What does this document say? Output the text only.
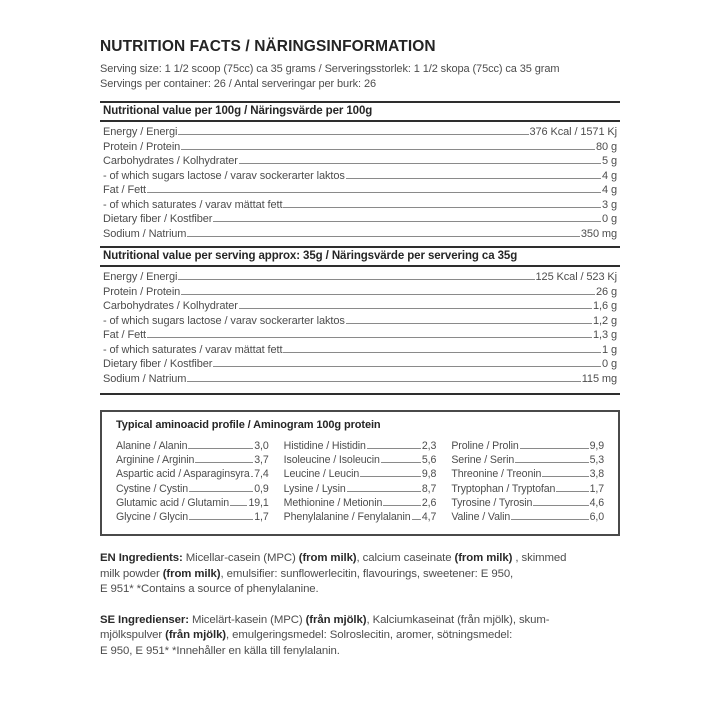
NUTRITION FACTS / NÄRINGSINFORMATION
Serving size: 1 1/2 scoop (75cc) ca 35 grams / Serveringsstorlek: 1 1/2 skopa (75cc) ca 35 gram
Servings per container: 26 / Antal serveringar per burk: 26
Nutritional value per 100g / Näringsvärde per 100g
Energy / Energi	376 Kcal / 1571 Kj
Protein / Protein	80 g
Carbohydrates / Kolhydrater	5 g
- of which sugars lactose / varav sockerarter laktos	4 g
Fat / Fett	4 g
- of which saturates / varav mättat fett	3 g
Dietary fiber / Kostfiber	0 g
Sodium / Natrium	350 mg
Nutritional value per serving approx: 35g / Näringsvärde per servering ca 35g
Energy / Energi	125 Kcal / 523 Kj
Protein / Protein	26 g
Carbohydrates / Kolhydrater	1,6 g
- of which sugars lactose / varav sockerarter laktos	1,2 g
Fat / Fett	1,3 g
- of which saturates / varav mättat fett	1 g
Dietary fiber / Kostfiber	0 g
Sodium / Natrium	115 mg
Typical aminoacid profile / Aminogram 100g protein
Alanine / Alanin	3,0
Arginine / Arginin	3,7
Aspartic acid / Asparaginsyra 7,4
Cystine / Cystin	0,9
Glutamic acid / Glutamin 19,1
Glycine / Glycin	1,7
Histidine / Histidin	2,3
Isoleucine / Isoleucin	5,6
Leucine / Leucin	9,8
Lysine / Lysin	8,7
Methionine / Metionin	2,6
Phenylalanine / Fenylalanin 4,7
Proline / Prolin	9,9
Serine / Serin	5,3
Threonine / Treonin	3,8
Tryptophan / Tryptofan	1,7
Tyrosine / Tyrosin	4,6
Valine / Valin	6,0
EN Ingredients: Micellar-casein (MPC) (from milk), calcium caseinate (from milk) , skimmed
milk powder (from milk), emulsifier: sunflowerlecitin, flavourings, sweetener: E 950,
E 951* *Contains a source of phenylalanine.
SE Ingredienser: Micelärt-kasein (MPC) (från mjölk), Kalciumkaseinat (från mjölk), skum-
mjölkspulver (från mjölk), emulgeringsmedel: Solroslecitin, aromer, sötningsmedel:
E 950, E 951* *Innehåller en källa till fenylalanin.
